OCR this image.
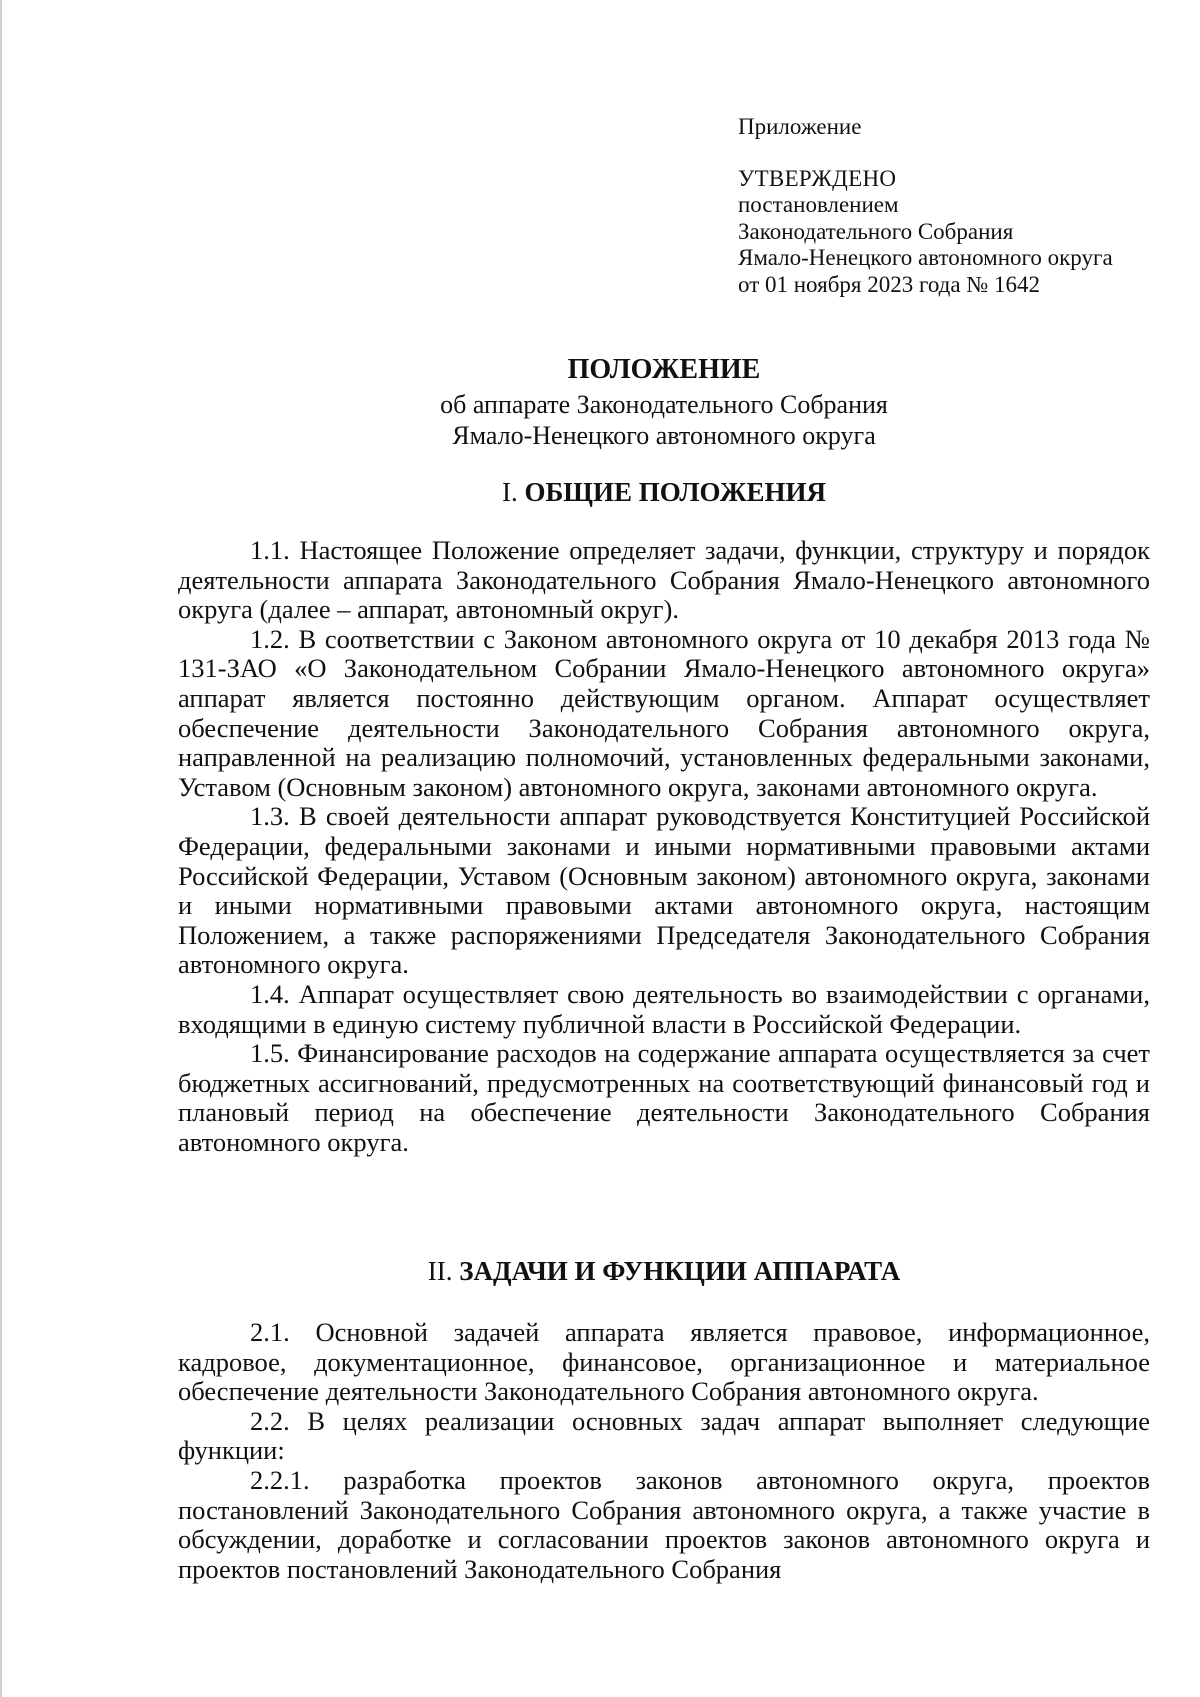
Приложение
УТВЕРЖДЕНО
постановлением
Законодательного Собрания
Ямало-Ненецкого автономного округа
от 01 ноября 2023 года № 1642
ПОЛОЖЕНИЕ
об аппарате Законодательного Собрания
Ямало-Ненецкого автономного округа
I. ОБЩИЕ ПОЛОЖЕНИЯ

1.1. Настоящее Положение определяет задачи, функции, структуру и порядок деятельности аппарата Законодательного Собрания Ямало-Ненецкого автономного округа (далее – аппарат, автономный округ).

1.2. В соответствии с Законом автономного округа от 10 декабря 2013 года № 131-ЗАО «О Законодательном Собрании Ямало-Ненецкого автономного округа» аппарат является постоянно действующим органом. Аппарат осуществляет обеспечение деятельности Законодательного Собрания автономного округа, направленной на реализацию полномочий, установленных федеральными законами, Уставом (Основным законом) автономного округа, законами автономного округа.

1.3. В своей деятельности аппарат руководствуется Конституцией Российской Федерации, федеральными законами и иными нормативными правовыми актами Российской Федерации, Уставом (Основным законом) автономного округа, законами и иными нормативными правовыми актами автономного округа, настоящим Положением, а также распоряжениями Председателя Законодательного Собрания автономного округа.

1.4. Аппарат осуществляет свою деятельность во взаимодействии с органами, входящими в единую систему публичной власти в Российской Федерации.

1.5. Финансирование расходов на содержание аппарата осуществляется за счет бюджетных ассигнований, предусмотренных на соответствующий финансовый год и плановый период на обеспечение деятельности Законодательного Собрания автономного округа.

II. ЗАДАЧИ И ФУНКЦИИ АППАРАТА

2.1. Основной задачей аппарата является правовое, информационное, кадровое, документационное, финансовое, организационное и материальное обеспечение деятельности Законодательного Собрания автономного округа.

2.2. В целях реализации основных задач аппарат выполняет следующие функции:

2.2.1. разработка проектов законов автономного округа, проектов постановлений Законодательного Собрания автономного округа, а также участие в обсуждении, доработке и согласовании проектов законов автономного округа и проектов постановлений Законодательного Собрания
